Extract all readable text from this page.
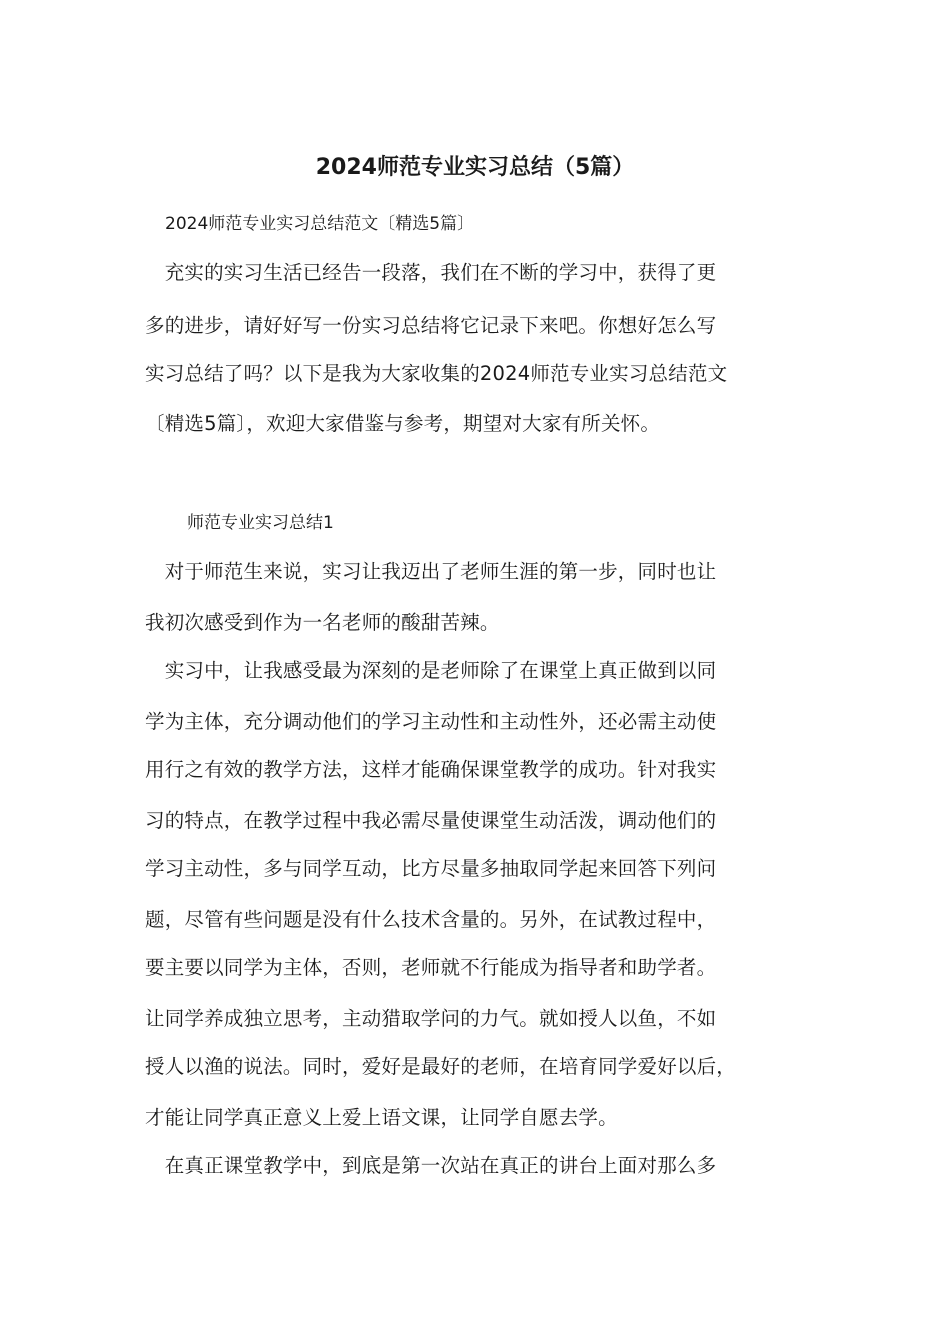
2024师范专业实习总结（5篇）
2024师范专业实习总结范文〔精选5篇〕
　充实的实习生活已经告一段落，我们在不断的学习中，获得了更
多的进步，请好好写一份实习总结将它记录下来吧。你想好怎么写
实习总结了吗？以下是我为大家收集的2024师范专业实习总结范文
〔精选5篇〕，欢迎大家借鉴与参考，期望对大家有所关怀。
师范专业实习总结1
　对于师范生来说，实习让我迈出了老师生涯的第一步，同时也让
我初次感受到作为一名老师的酸甜苦辣。
　实习中，让我感受最为深刻的是老师除了在课堂上真正做到以同
学为主体，充分调动他们的学习主动性和主动性外，还必需主动使
用行之有效的教学方法，这样才能确保课堂教学的成功。针对我实
习的特点，在教学过程中我必需尽量使课堂生动活泼，调动他们的
学习主动性，多与同学互动，比方尽量多抽取同学起来回答下列问
题，尽管有些问题是没有什么技术含量的。另外，在试教过程中，
要主要以同学为主体，否则，老师就不行能成为指导者和助学者。
让同学养成独立思考，主动猎取学问的力气。就如授人以鱼，不如
授人以渔的说法。同时，爱好是最好的老师，在培育同学爱好以后，
才能让同学真正意义上爱上语文课，让同学自愿去学。
　在真正课堂教学中，到底是第一次站在真正的讲台上面对那么多
